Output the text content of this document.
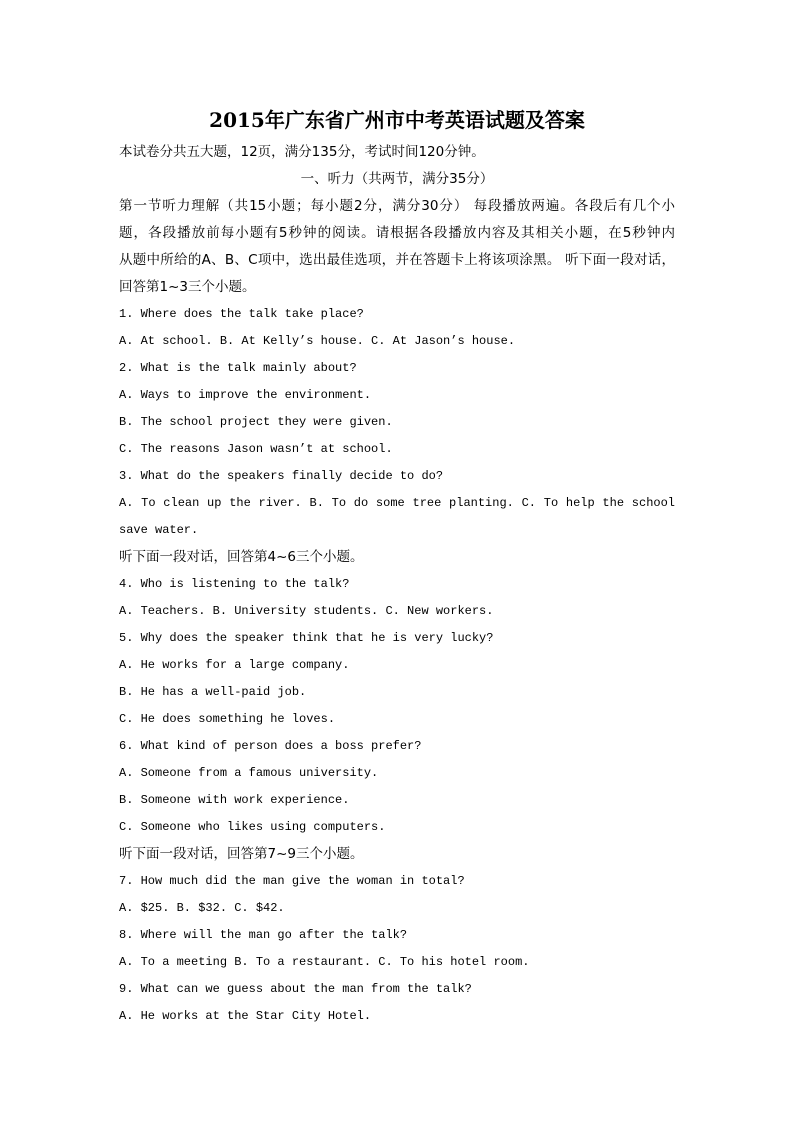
2015年广东省广州市中考英语试题及答案
本试卷分共五大题，12页，满分135分，考试时间120分钟。
一、听力（共两节，满分35分）
第一节听力理解（共15小题；每小题2分，满分30分） 每段播放两遍。各段后有几个小
题，各段播放前每小题有5秒钟的阅读。请根据各段播放内容及其相关小题，在5秒钟内
从题中所给的A、B、C项中，选出最佳选项，并在答题卡上将该项涂黑。 听下面一段对话，
回答第1~3三个小题。
1. Where does the talk take place?
A. At school. B. At Kelly’s house. C. At Jason’s house.
2. What is the talk mainly about?
A. Ways to improve the environment.
B. The school project they were given.
C. The reasons Jason wasn’t at school.
3. What do the speakers finally decide to do?
A. To clean up the river. B. To do some tree planting. C. To help the school
save water.
听下面一段对话，回答第4~6三个小题。
4. Who is listening to the talk?
A. Teachers. B. University students. C. New workers.
5. Why does the speaker think that he is very lucky?
A. He works for a large company.
B. He has a well-paid job.
C. He does something he loves.
6. What kind of person does a boss prefer?
A. Someone from a famous university.
B. Someone with work experience.
C. Someone who likes using computers.
听下面一段对话，回答第7~9三个小题。
7. How much did the man give the woman in total?
A. $25. B. $32. C. $42.
8. Where will the man go after the talk?
A. To a meeting B. To a restaurant. C. To his hotel room.
9. What can we guess about the man from the talk?
A. He works at the Star City Hotel.
